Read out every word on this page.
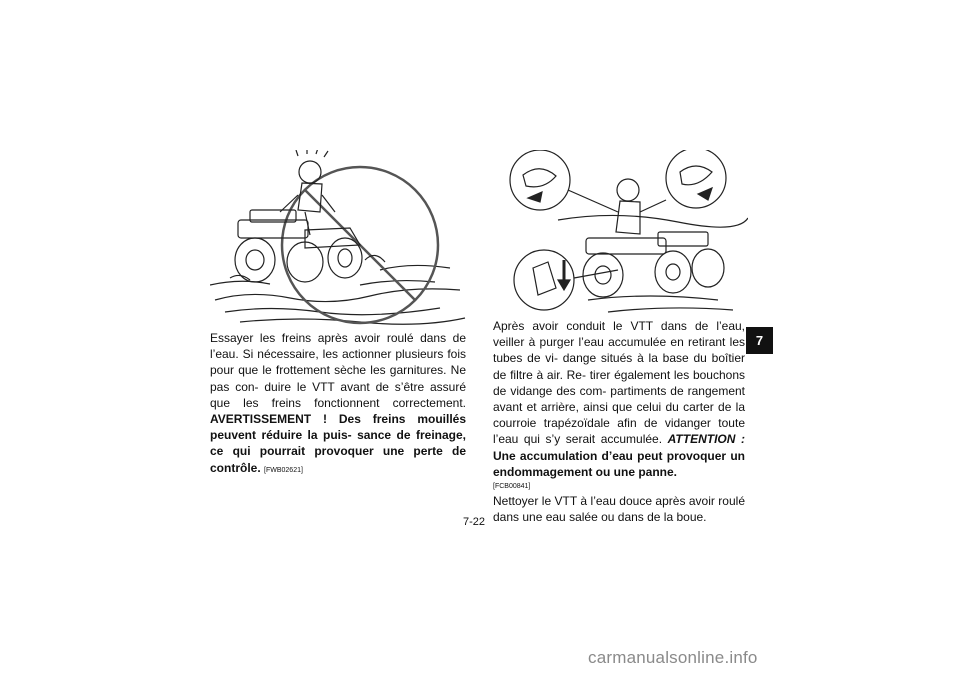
Essayer les freins après avoir roulé dans de l’eau. Si nécessaire, les actionner plusieurs fois pour que le frottement sèche les garnitures. Ne pas con- duire le VTT avant de s’être assuré que les freins fonctionnent correctement. AVERTISSEMENT ! Des freins mouillés peuvent réduire la puis- sance de freinage, ce qui pourrait provoquer une perte de contrôle. [FWB02621]
Après avoir conduit le VTT dans de l’eau, veiller à purger l’eau accumulée en retirant les tubes de vi- dange situés à la base du boîtier de filtre à air. Re- tirer également les bouchons de vidange des com- partiments de rangement avant et arrière, ainsi que celui du carter de la courroie trapézoïdale afin de vidanger toute l’eau qui s’y serait accumulée. ATTENTION : Une accumulation d’eau peut provoquer un endommagement ou une panne.
[FCB00841]
Nettoyer le VTT à l’eau douce après avoir roulé dans une eau salée ou dans de la boue.
7
7-22
carmanualsonline.info
